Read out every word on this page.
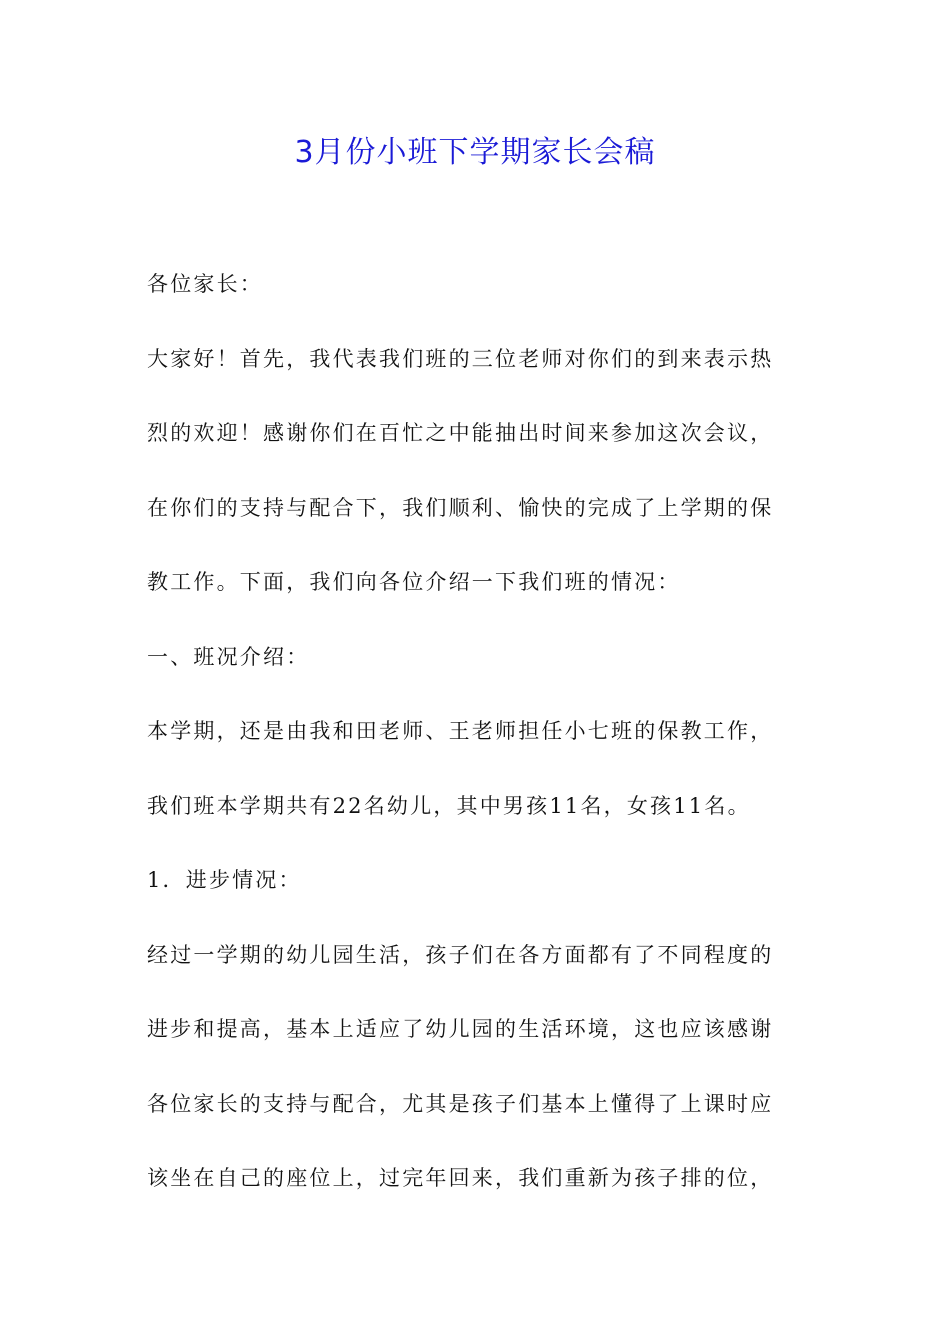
3月份小班下学期家长会稿

各位家长：

大家好！首先，我代表我们班的三位老师对你们的到来表示热

烈的欢迎！感谢你们在百忙之中能抽出时间来参加这次会议，

在你们的支持与配合下，我们顺利、愉快的完成了上学期的保

教工作。下面，我们向各位介绍一下我们班的情况：

一、班况介绍：

本学期，还是由我和田老师、王老师担任小七班的保教工作，

我们班本学期共有22名幼儿，其中男孩11名，女孩11名。

1．进步情况：

经过一学期的幼儿园生活，孩子们在各方面都有了不同程度的

进步和提高，基本上适应了幼儿园的生活环境，这也应该感谢

各位家长的支持与配合，尤其是孩子们基本上懂得了上课时应

该坐在自己的座位上，过完年回来，我们重新为孩子排的位，
